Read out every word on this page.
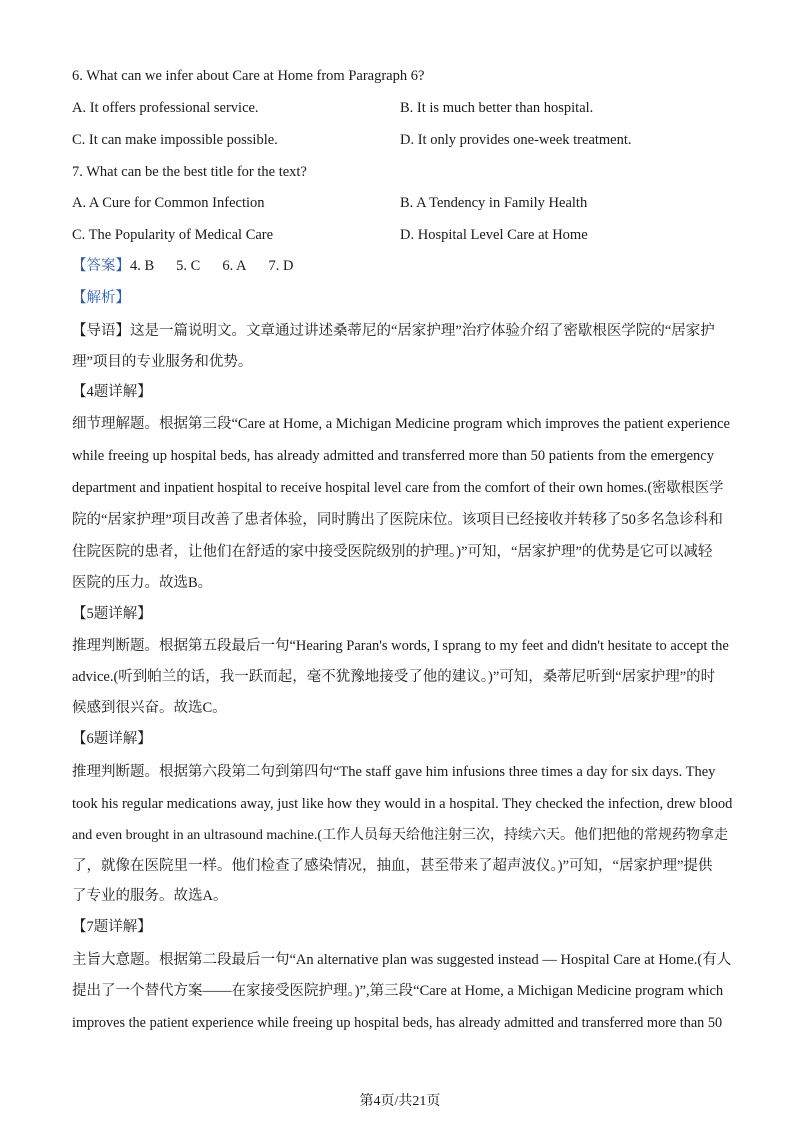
6. What can we infer about Care at Home from Paragraph 6?
A. It offers professional service.	B. It is much better than hospital.
C. It can make impossible possible.	D. It only provides one-week treatment.
7. What can be the best title for the text?
A. A Cure for Common Infection	B. A Tendency in Family Health
C. The Popularity of Medical Care	D. Hospital Level Care at Home
【答案】4. B 5. C 6. A 7. D
【解析】
【导语】这是一篇说明文。文章通过讲述桑蒂尼的“居家护理”治疗体验介绍了密歇根医学院的“居家护
理”项目的专业服务和优势。
【4题详解】
细节理解题。根据第三段“Care at Home, a Michigan Medicine program which improves the patient experience
while freeing up hospital beds, has already admitted and transferred more than 50 patients from the emergency
department and inpatient hospital to receive hospital level care from the comfort of their own homes.(密歇根医学
院的“居家护理”项目改善了患者体验，同时腾出了医院床位。该项目已经接收并转移了50多名急诊科和
住院医院的患者，让他们在舒适的家中接受医院级别的护理。)”可知，“居家护理”的优势是它可以减轻
医院的压力。故选B。
【5题详解】
推理判断题。根据第五段最后一句“Hearing Paran's words, I sprang to my feet and didn't hesitate to accept the
advice.(听到帕兰的话，我一跃而起，毫不犹豫地接受了他的建议。)”可知，桑蒂尼听到“居家护理”的时
候感到很兴奋。故选C。
【6题详解】
推理判断题。根据第六段第二句到第四句“The staff gave him infusions three times a day for six days. They
took his regular medications away, just like how they would in a hospital. They checked the infection, drew blood
and even brought in an ultrasound machine.(工作人员每天给他注射三次，持续六天。他们把他的常规药物拿走
了，就像在医院里一样。他们检查了感染情况，抽血，甚至带来了超声波仪。)”可知，“居家护理”提供
了专业的服务。故选A。
【7题详解】
主旨大意题。根据第二段最后一句“An alternative plan was suggested instead — Hospital Care at Home.(有人
提出了一个替代方案——在家接受医院护理。)”,第三段“Care at Home, a Michigan Medicine program which
improves the patient experience while freeing up hospital beds, has already admitted and transferred more than 50
第4页/共21页
